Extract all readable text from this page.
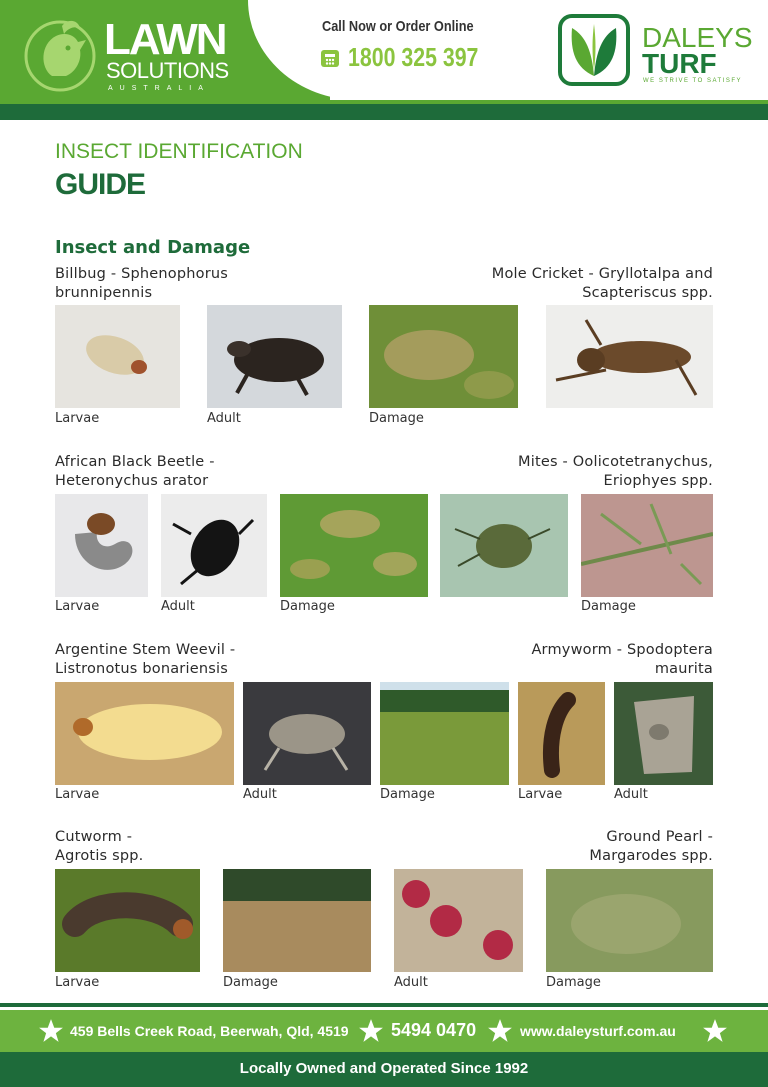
LAWN
SOLUTIONS
AUSTRALIA
Call Now or Order Online
1800 325 397
DALEYS
TURF
WE STRIVE TO SATISFY
INSECT IDENTIFICATION
GUIDE
Insect and Damage
Billbug - Sphenophorus
brunnipennis
Mole Cricket - Gryllotalpa and
Scapteriscus spp.
Larvae	Adult	Damage
African Black Beetle -
Heteronychus arator
Mites - Oolicotetranychus,
Eriophyes spp.
Larvae	Adult	Damage	Damage
Argentine Stem Weevil -
Listronotus bonariensis
Armyworm - Spodoptera
maurita
Larvae	Adult	Damage	Larvae	Adult
Cutworm -
Agrotis spp.
Ground Pearl -
Margarodes spp.
Larvae	Damage	Adult	Damage
459 Bells Creek Road, Beerwah, Qld, 4519 5494 0470	www.daleysturf.com.au
Locally Owned and Operated Since 1992
